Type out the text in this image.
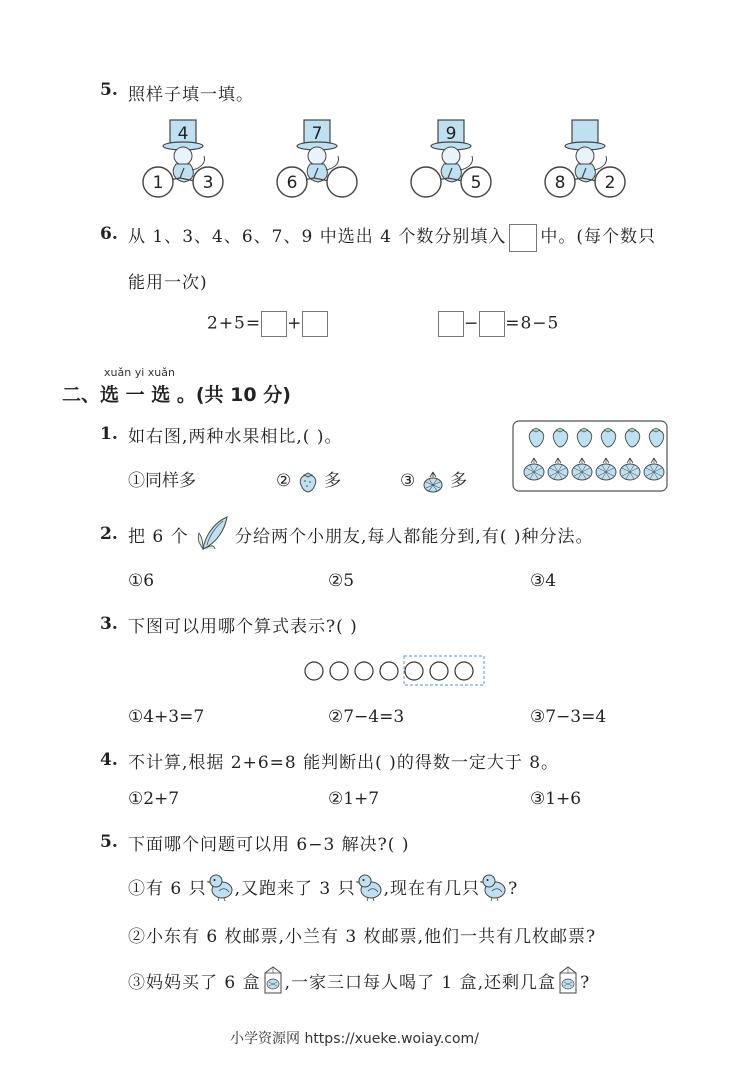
5. 照样子填一填。
4
1 3
7
6
9
5	8 2
6. 从 1、3、4、6、7、9 中选出 4 个数分别填入 中。(每个数只
能用一次)
2+5= +	− =8−5
xuǎn yi xuǎn
二、选 一 选 。(共 10 分)
1. 如右图,两种水果相比,( )。
①同样多	② 多	③ 多
2. 把 6 个	分给两个小朋友,每人都能分到,有( )种分法。
①6	②5	③4
3. 下图可以用哪个算式表示?( )
①4+3=7	②7−4=3	③7−3=4
4. 不计算,根据 2+6=8 能判断出( )的得数一定大于 8。
①2+7	②1+7	③1+6
5. 下面哪个问题可以用 6−3 解决?( )
①有 6 只 ,又跑来了 3 只 ,现在有几只 ?
②小东有 6 枚邮票,小兰有 3 枚邮票,他们一共有几枚邮票?
③妈妈买了 6 盒 ,一家三口每人喝了 1 盒,还剩几盒 ?
小学资源网 https://xueke.woiay.com/
